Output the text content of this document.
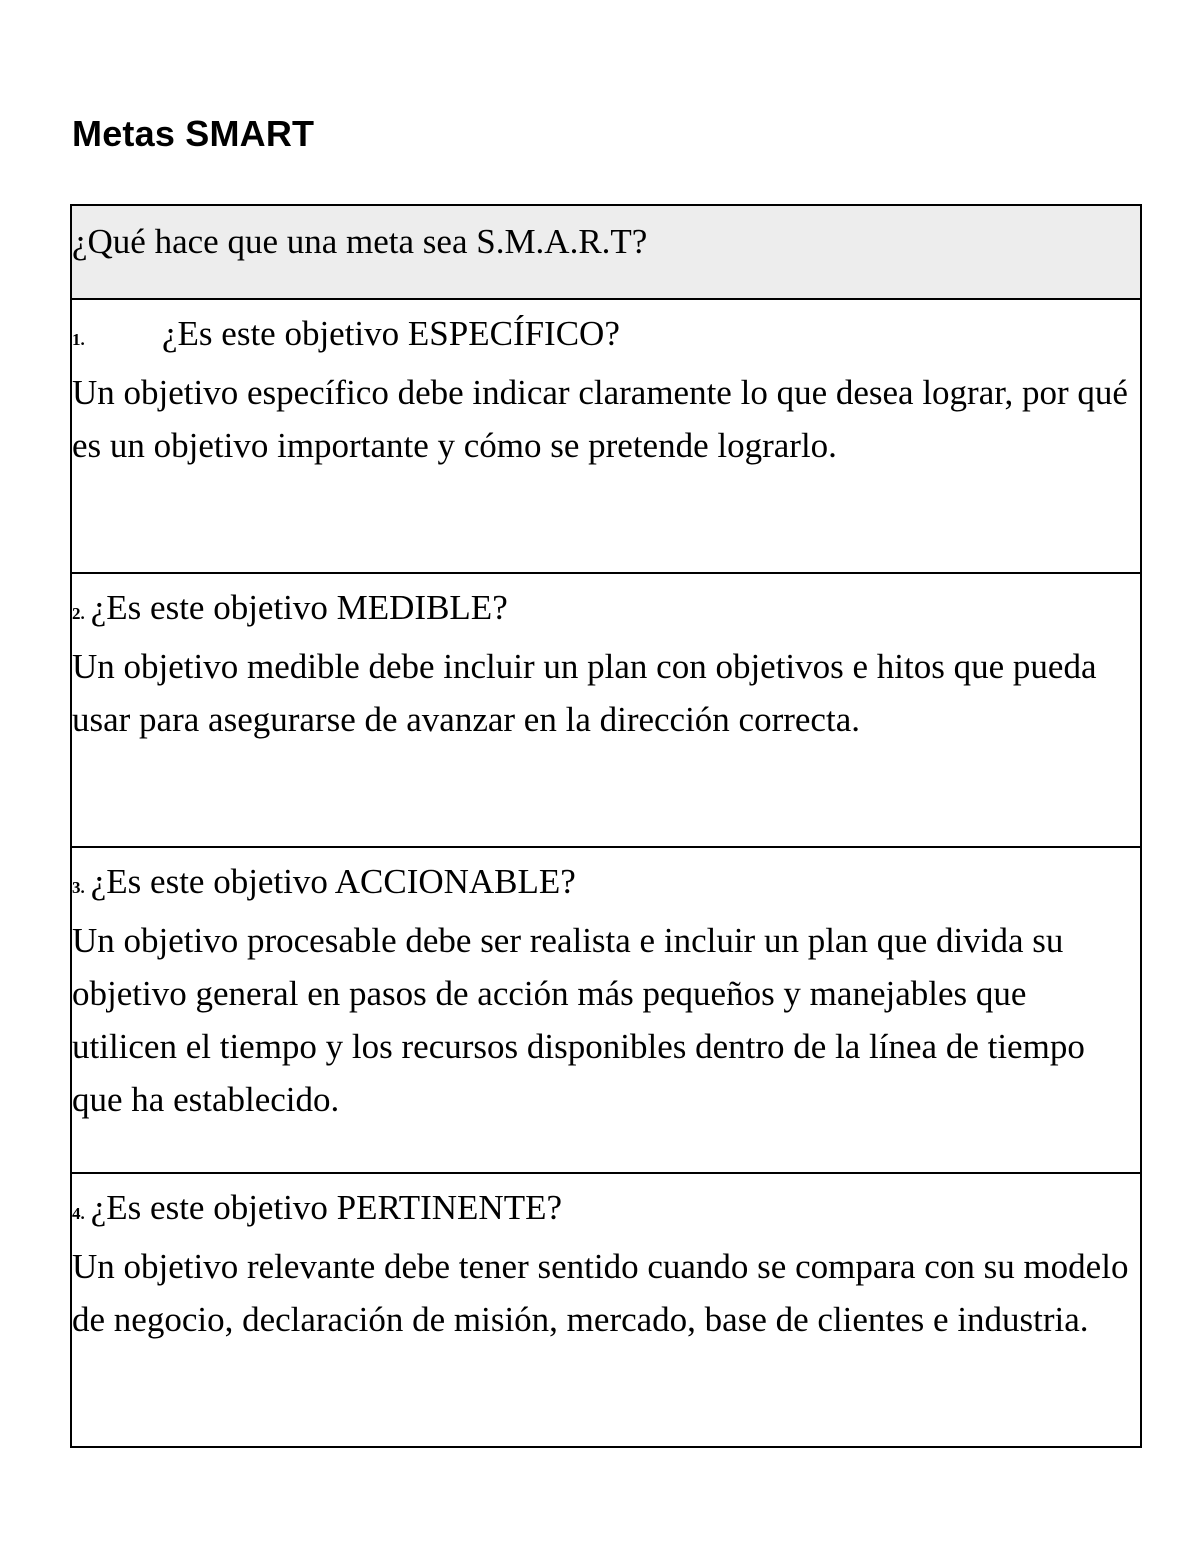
Metas SMART
¿Qué hace que una meta sea S.M.A.R.T?
1. ¿Es este objetivo ESPECÍFICO?

Un objetivo específico debe indicar claramente lo que desea lograr, por qué es un objetivo importante y cómo se pretende lograrlo.

2. ¿Es este objetivo MEDIBLE?

Un objetivo medible debe incluir un plan con objetivos e hitos que pueda usar para asegurarse de avanzar en la dirección correcta.

3. ¿Es este objetivo ACCIONABLE?

Un objetivo procesable debe ser realista e incluir un plan que divida su objetivo general en pasos de acción más pequeños y manejables que utilicen el tiempo y los recursos disponibles dentro de la línea de tiempo que ha establecido.

4. ¿Es este objetivo PERTINENTE?

Un objetivo relevante debe tener sentido cuando se compara con su modelo de negocio, declaración de misión, mercado, base de clientes e industria.
